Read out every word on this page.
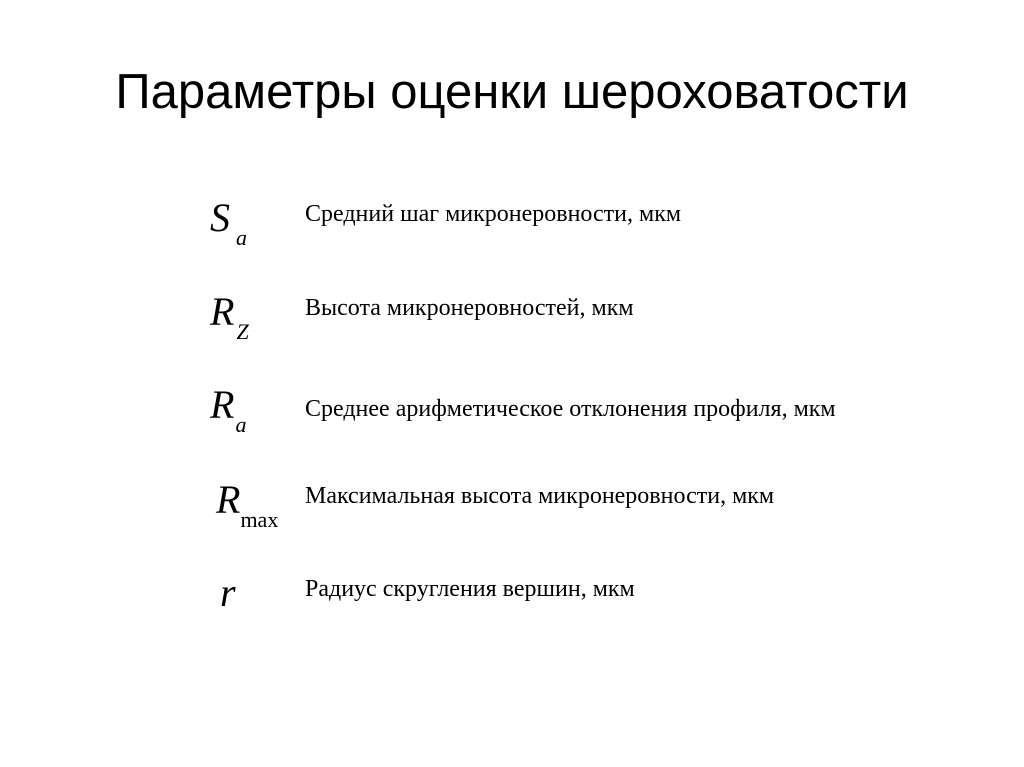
Параметры оценки шероховатости
S a
Средний шаг микронеровности, мкм
RZ
Высота микронеровностей, мкм
Ra
Среднее арифметическое отклонения профиля, мкм
Rmax
Максимальная высота микронеровности, мкм
r	Радиус скругления вершин, мкм
